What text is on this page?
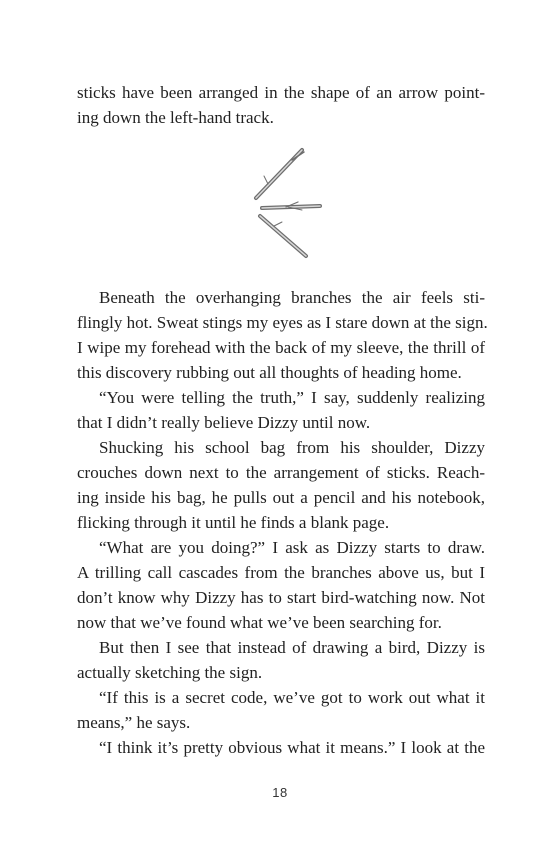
sticks have been arranged in the shape of an arrow point-

ing down the left-hand track.

Beneath the overhanging branches the air feels sti-

flingly hot. Sweat stings my eyes as I stare down at the sign.

I wipe my forehead with the back of my sleeve, the thrill of

this discovery rubbing out all thoughts of heading home.

“You were telling the truth,” I say, suddenly realizing

that I didn’t really believe Dizzy until now.

Shucking his school bag from his shoulder, Dizzy

crouches down next to the arrangement of sticks. Reach-

ing inside his bag, he pulls out a pencil and his notebook,

flicking through it until he finds a blank page.

“What are you doing?” I ask as Dizzy starts to draw.

A trilling call cascades from the branches above us, but I

don’t know why Dizzy has to start bird-watching now. Not

now that we’ve found what we’ve been searching for.

But then I see that instead of drawing a bird, Dizzy is

actually sketching the sign.

“If this is a secret code, we’ve got to work out what it

means,” he says.

“I think it’s pretty obvious what it means.” I look at the

18
